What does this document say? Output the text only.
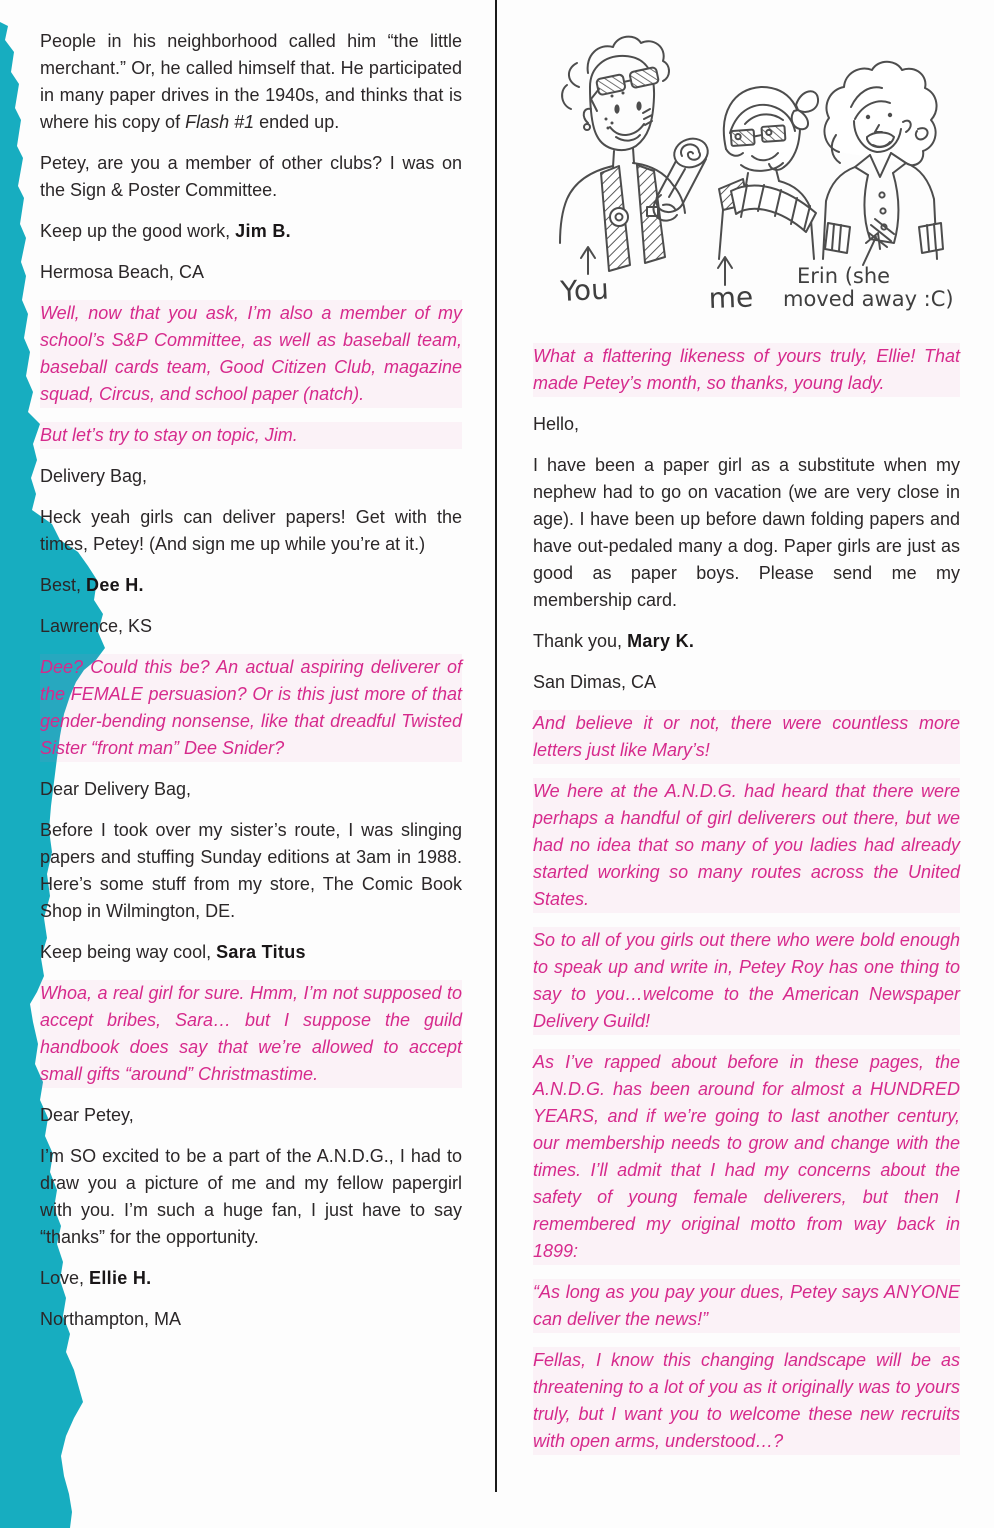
People in his neighborhood called him “the little merchant.” Or, he called himself that. He participated in many paper drives in the 1940s, and thinks that is where his copy of Flash #1 ended up.

Petey, are you a member of other clubs? I was on the Sign & Poster Committee.

Keep up the good work, Jim B.

Hermosa Beach, CA

Well, now that you ask, I’m also a member of my school’s S&P Committee, as well as baseball team, baseball cards team, Good Citizen Club, magazine squad, Circus, and school paper (natch).

But let’s try to stay on topic, Jim.

Delivery Bag,

Heck yeah girls can deliver papers! Get with the times, Petey! (And sign me up while you’re at it.)

Best, Dee H.

Lawrence, KS

Dee? Could this be? An actual aspiring deliverer of the FEMALE persuasion? Or is this just more of that gender-bending nonsense, like that dreadful Twisted Sister “front man” Dee Snider?

Dear Delivery Bag,

Before I took over my sister’s route, I was slinging papers and stuffing Sunday editions at 3am in 1988. Here’s some stuff from my store, The Comic Book Shop in Wilmington, DE.

Keep being way cool, Sara Titus

Whoa, a real girl for sure. Hmm, I’m not supposed to accept bribes, Sara… but I suppose the guild handbook does say that we’re allowed to accept small gifts “around” Christmastime.

Dear Petey,

I’m SO excited to be a part of the A.N.D.G., I had to draw you a picture of me and my fellow papergirl with you. I’m such a huge fan, I just have to say “thanks” for the opportunity.

Love, Ellie H.

Northampton, MA

You	me
Erin (she
moved away :C)

What a flattering likeness of yours truly, Ellie! That made Petey’s month, so thanks, young lady.

Hello,

I have been a paper girl as a substitute when my nephew had to go on vacation (we are very close in age). I have been up before dawn folding papers and have out-pedaled many a dog. Paper girls are just as good as paper boys. Please send me my membership card.

Thank you, Mary K.

San Dimas, CA

And believe it or not, there were countless more letters just like Mary’s!

We here at the A.N.D.G. had heard that there were perhaps a handful of girl deliverers out there, but we had no idea that so many of you ladies had already started working so many routes across the United States.

So to all of you girls out there who were bold enough to speak up and write in, Petey Roy has one thing to say to you…welcome to the American Newspaper Delivery Guild!

As I’ve rapped about before in these pages, the A.N.D.G. has been around for almost a HUNDRED YEARS, and if we’re going to last another century, our membership needs to grow and change with the times. I’ll admit that I had my concerns about the safety of young female deliverers, but then I remembered my original motto from way back in 1899:

“As long as you pay your dues, Petey says ANYONE can deliver the news!”

Fellas, I know this changing landscape will be as threatening to a lot of you as it originally was to yours truly, but I want you to welcome these new recruits with open arms, understood…?
